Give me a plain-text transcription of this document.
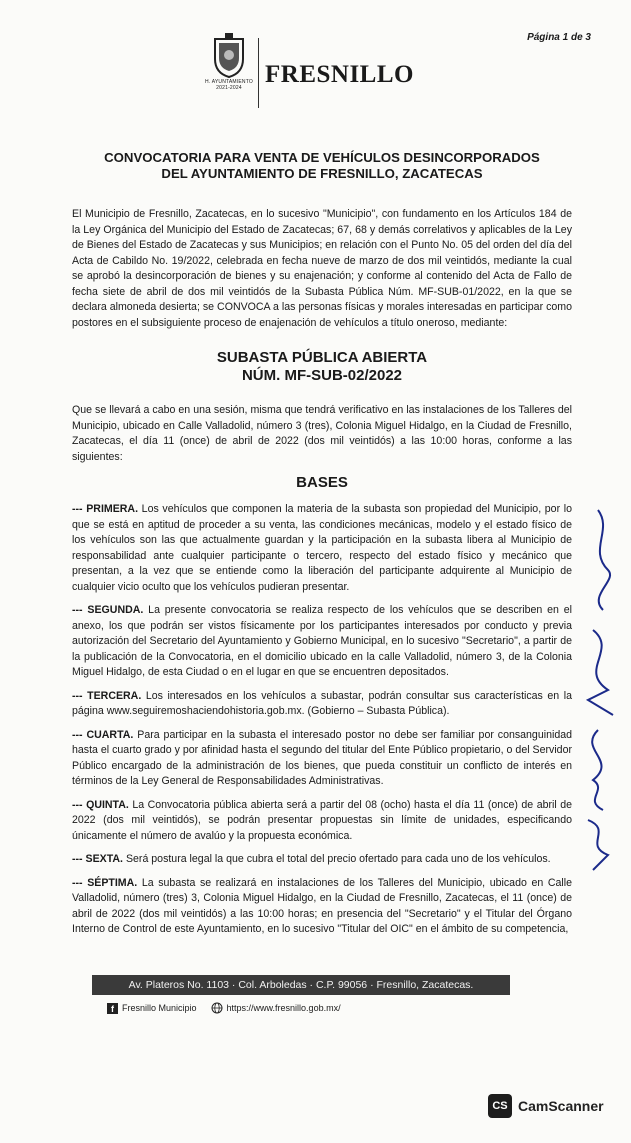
Página 1 de 3
H. AYUNTAMIENTO
2021-2024 FRESNILLO
CONVOCATORIA PARA VENTA DE VEHÍCULOS DESINCORPORADOS
DEL AYUNTAMIENTO DE FRESNILLO, ZACATECAS

El Municipio de Fresnillo, Zacatecas, en lo sucesivo "Municipio", con fundamento en los Artículos 184 de la Ley Orgánica del Municipio del Estado de Zacatecas; 67, 68 y demás correlativos y aplicables de la Ley de Bienes del Estado de Zacatecas y sus Municipios; en relación con el Punto No. 05 del orden del día del Acta de Cabildo No. 19/2022, celebrada en fecha nueve de marzo de dos mil veintidós, mediante la cual se aprobó la desincorporación de bienes y su enajenación; y conforme al contenido del Acta de Fallo de fecha siete de abril de dos mil veintidós de la Subasta Pública Núm. MF-SUB-01/2022, en la que se declara almoneda desierta; se CONVOCA a las personas físicas y morales interesadas en participar como postores en el subsiguiente proceso de enajenación de vehículos a título oneroso, mediante:

SUBASTA PÚBLICA ABIERTA
NÚM. MF-SUB-02/2022

Que se llevará a cabo en una sesión, misma que tendrá verificativo en las instalaciones de los Talleres del Municipio, ubicado en Calle Valladolid, número 3 (tres), Colonia Miguel Hidalgo, en la Ciudad de Fresnillo, Zacatecas, el día 11 (once) de abril de 2022 (dos mil veintidós) a las 10:00 horas, conforme a las siguientes:

BASES

--- PRIMERA. Los vehículos que componen la materia de la subasta son propiedad del Municipio, por lo que se está en aptitud de proceder a su venta, las condiciones mecánicas, modelo y el estado físico de los vehículos son las que actualmente guardan y la participación en la subasta libera al Municipio de responsabilidad ante cualquier participante o tercero, respecto del estado físico y mecánico que presentan, a la vez que se entiende como la liberación del participante adquirente al Municipio de cualquier vicio oculto que los vehículos pudieran presentar.

--- SEGUNDA. La presente convocatoria se realiza respecto de los vehículos que se describen en el anexo, los que podrán ser vistos físicamente por los participantes interesados por conducto y previa autorización del Secretario del Ayuntamiento y Gobierno Municipal, en lo sucesivo "Secretario", a partir de la publicación de la Convocatoria, en el domicilio ubicado en la calle Valladolid, número 3, de la Colonia Miguel Hidalgo, de esta Ciudad o en el lugar en que se encuentren depositados.

--- TERCERA. Los interesados en los vehículos a subastar, podrán consultar sus características en la página www.seguiremoshaciendohistoria.gob.mx. (Gobierno – Subasta Pública).

--- CUARTA. Para participar en la subasta el interesado postor no debe ser familiar por consanguinidad hasta el cuarto grado y por afinidad hasta el segundo del titular del Ente Público propietario, o del Servidor Público encargado de la administración de los bienes, que pueda constituir un conflicto de interés en términos de la Ley General de Responsabilidades Administrativas.

--- QUINTA. La Convocatoria pública abierta será a partir del 08 (ocho) hasta el día 11 (once) de abril de 2022 (dos mil veintidós), se podrán presentar propuestas sin límite de unidades, especificando únicamente el número de avalúo y la propuesta económica.

--- SEXTA. Será postura legal la que cubra el total del precio ofertado para cada uno de los vehículos.

--- SÉPTIMA. La subasta se realizará en instalaciones de los Talleres del Municipio, ubicado en Calle Valladolid, número (tres) 3, Colonia Miguel Hidalgo, en la Ciudad de Fresnillo, Zacatecas, el 11 (once) de abril de 2022 (dos mil veintidós) a las 10:00 horas; en presencia del "Secretario" y el Titular del Órgano Interno de Control de este Ayuntamiento, en lo sucesivo "Titular del OIC" en el ámbito de su competencia,

Av. Plateros No. 1103 · Col. Arboledas · C.P. 99056 · Fresnillo, Zacatecas.
f Fresnillo Municipio	https://www.fresnillo.gob.mx/
CS CamScanner
